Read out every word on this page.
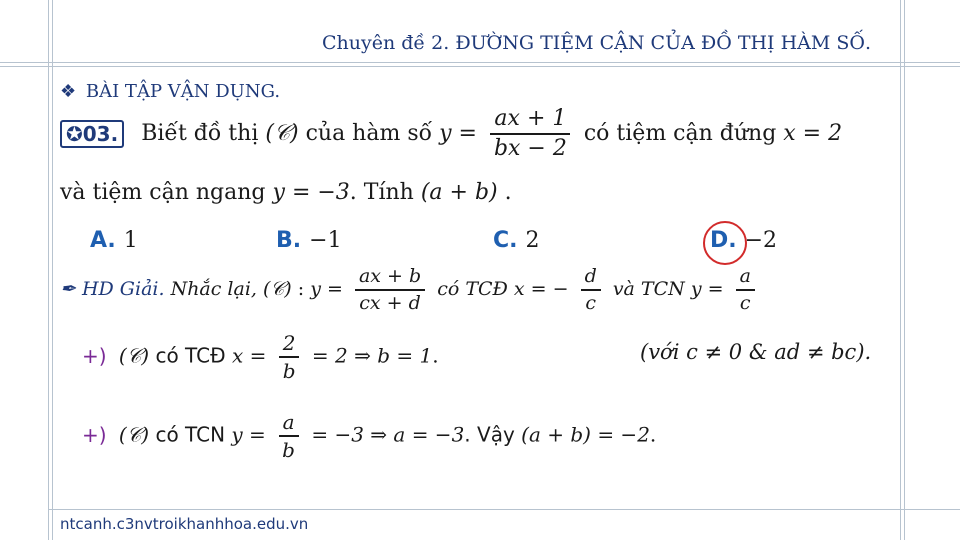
Chuyên đề 2. ĐƯỜNG TIỆM CẬN CỦA ĐỒ THỊ HÀM SỐ.
❖ BÀI TẬP VẬN DỤNG.
✪03. Biết đồ thị (𝒞) của hàm số $y = \frac{ax + 1}{bx - 2}$ có tiệm cận đứng x = 2
và tiệm cận ngang y = −3. Tính (a + b) .
A. 1	B. −1	C. 2	D. −2
✒ HD Giải. Nhắc lại, (𝒞) : $y = \frac{ax + b}{cx + d}$ có TCĐ x = − $\frac{d}{c}$ và TCN $y = \frac{a}{c}$
(với c ≠ 0 & ad ≠ bc).
+) (𝒞) có TCĐ $x = \frac{2}{b} = 2$ ⇒ b = 1.
+) (𝒞) có TCN $y = \frac{a}{b} = -3$ ⇒ a = −3. Vậy (a + b) = −2.
ntcanh.c3nvtroikhanhhoa.edu.vn
